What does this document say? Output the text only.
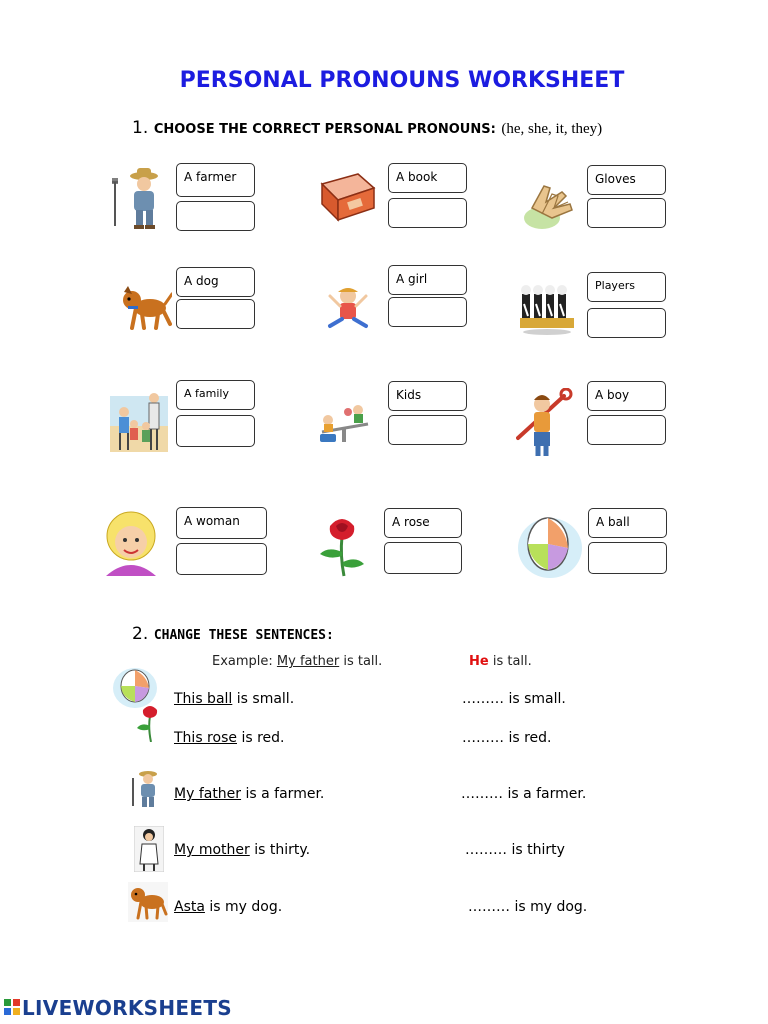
PERSONAL PRONOUNS WORKSHEET
1. CHOOSE THE CORRECT PERSONAL PRONOUNS: (he, she, it, they)
A farmer	A book	Gloves
A dog	A girl	Players
A family	Kids	A boy
A woman	A rose	A ball
2. CHANGE THESE SENTENCES:
Example: My father is tall.	He is tall.
This ball is small.	……… is small.
This rose is red.	……… is red.
My father is a farmer.	……… is a farmer.
My mother is thirty.	……… is thirty
Asta is my dog.	……… is my dog.
LIVEWORKSHEETS
